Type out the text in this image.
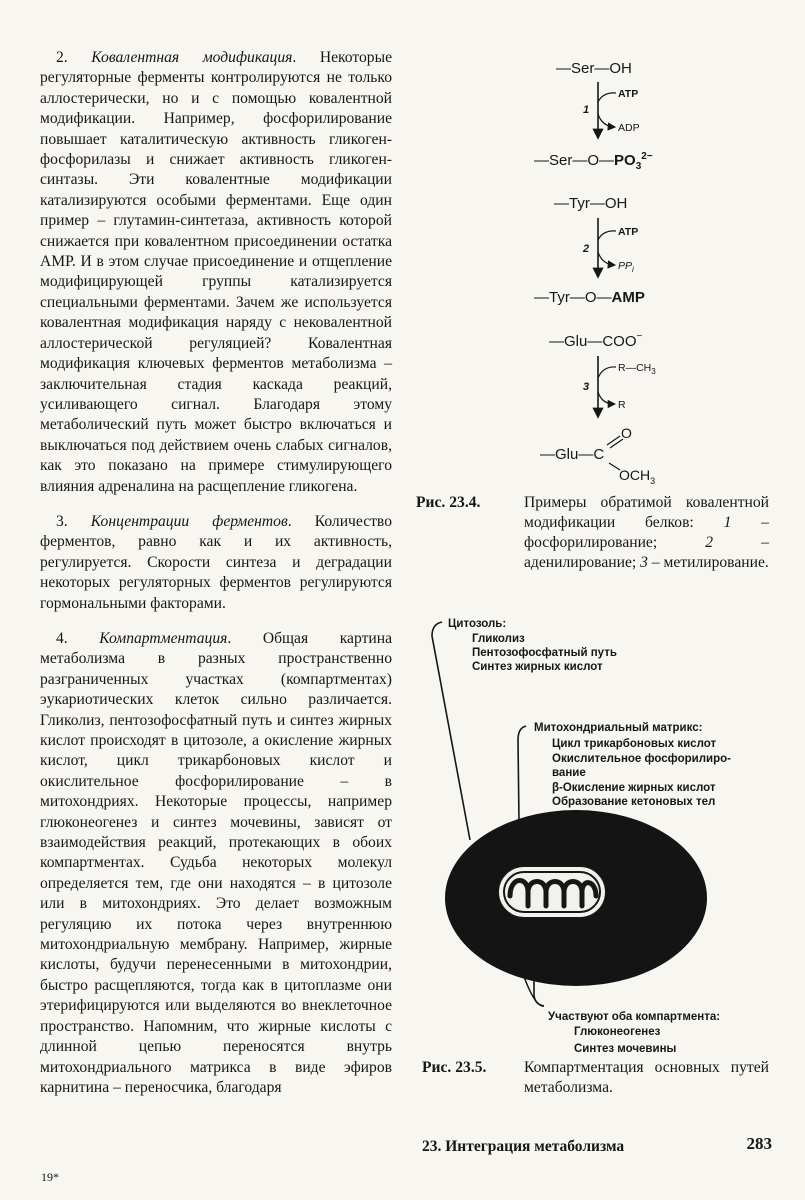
2. Ковалентная модификация. Некоторые регуляторные ферменты контролируются не только аллостерически, но и с помощью ковалентной модификации. Например, фосфорилирование повышает каталитическую активность гликоген-фосфорилазы и снижает активность гликоген-синтазы. Эти ковалентные модификации катализируются особыми ферментами. Еще один пример – глутамин-синтетаза, активность которой снижается при ковалентном присоединении остатка АМР. И в этом случае присоединение и отщепление модифицирующей группы катализируется специальными ферментами. Зачем же используется ковалентная модификация наряду с нековалентной аллостерической регуляцией? Ковалентная модификация ключевых ферментов метаболизма – заключительная стадия каскада реакций, усиливающего сигнал. Благодаря этому метаболический путь может быстро включаться и выключаться под действием очень слабых сигналов, как это показано на примере стимулирующего влияния адреналина на расщепление гликогена.

3. Концентрации ферментов. Количество ферментов, равно как и их активность, регулируется. Скорости синтеза и деградации некоторых регуляторных ферментов регулируются гормональными факторами.

4. Компартментация. Общая картина метаболизма в разных пространственно разграниченных участках (компартментах) эукариотических клеток сильно различается. Гликолиз, пентозофосфатный путь и синтез жирных кислот происходят в цитозоле, а окисление жирных кислот, цикл трикарбоновых кислот и окислительное фосфорилирование – в митохондриях. Некоторые процессы, например глюконеогенез и синтез мочевины, зависят от взаимодействия реакций, протекающих в обоих компартментах. Судьба некоторых молекул определяется тем, где они находятся – в цитозоле или в митохондриях. Это делает возможным регуляцию их потока через внутреннюю митохондриальную мембрану. Например, жирные кислоты, будучи перенесенными в митохондрии, быстро расщепляются, тогда как в цитоплазме они этерифицируются или выделяются во внеклеточное пространство. Напомним, что жирные кислоты с длинной цепью переносятся внутрь митохондриального матрикса в виде эфиров карнитина – переносчика, благодаря

—Ser—OH
ATP
ADP
1
$—Ser—O—PO_3^{2-}$
—Tyr—OH
ATP
$PP_i$
2
—Tyr—O—AMP
—Glu—COO−
$R—CH_3$
R
3
—Glu—C
O
$OCH_3$
Рис. 23.4.	Примеры обратимой ковалентной модификации белков: 1 – фосфорилирование; 2 – аденилирование; 3 – метилирование.
Цитозоль:
Гликолиз
Пентозофосфатный путь
Синтез жирных кислот
Митохондриальный матрикс:
Цикл трикарбоновых кислот
Окислительное фосфорилиро-
вание
β-Окисление жирных кислот
Образование кетоновых тел
Участвуют оба компартмента:
Глюконеогенез
Синтез мочевины
Рис. 23.5. Компартментация основных путей метаболизма.
23. Интеграция метаболизма	283
19*
